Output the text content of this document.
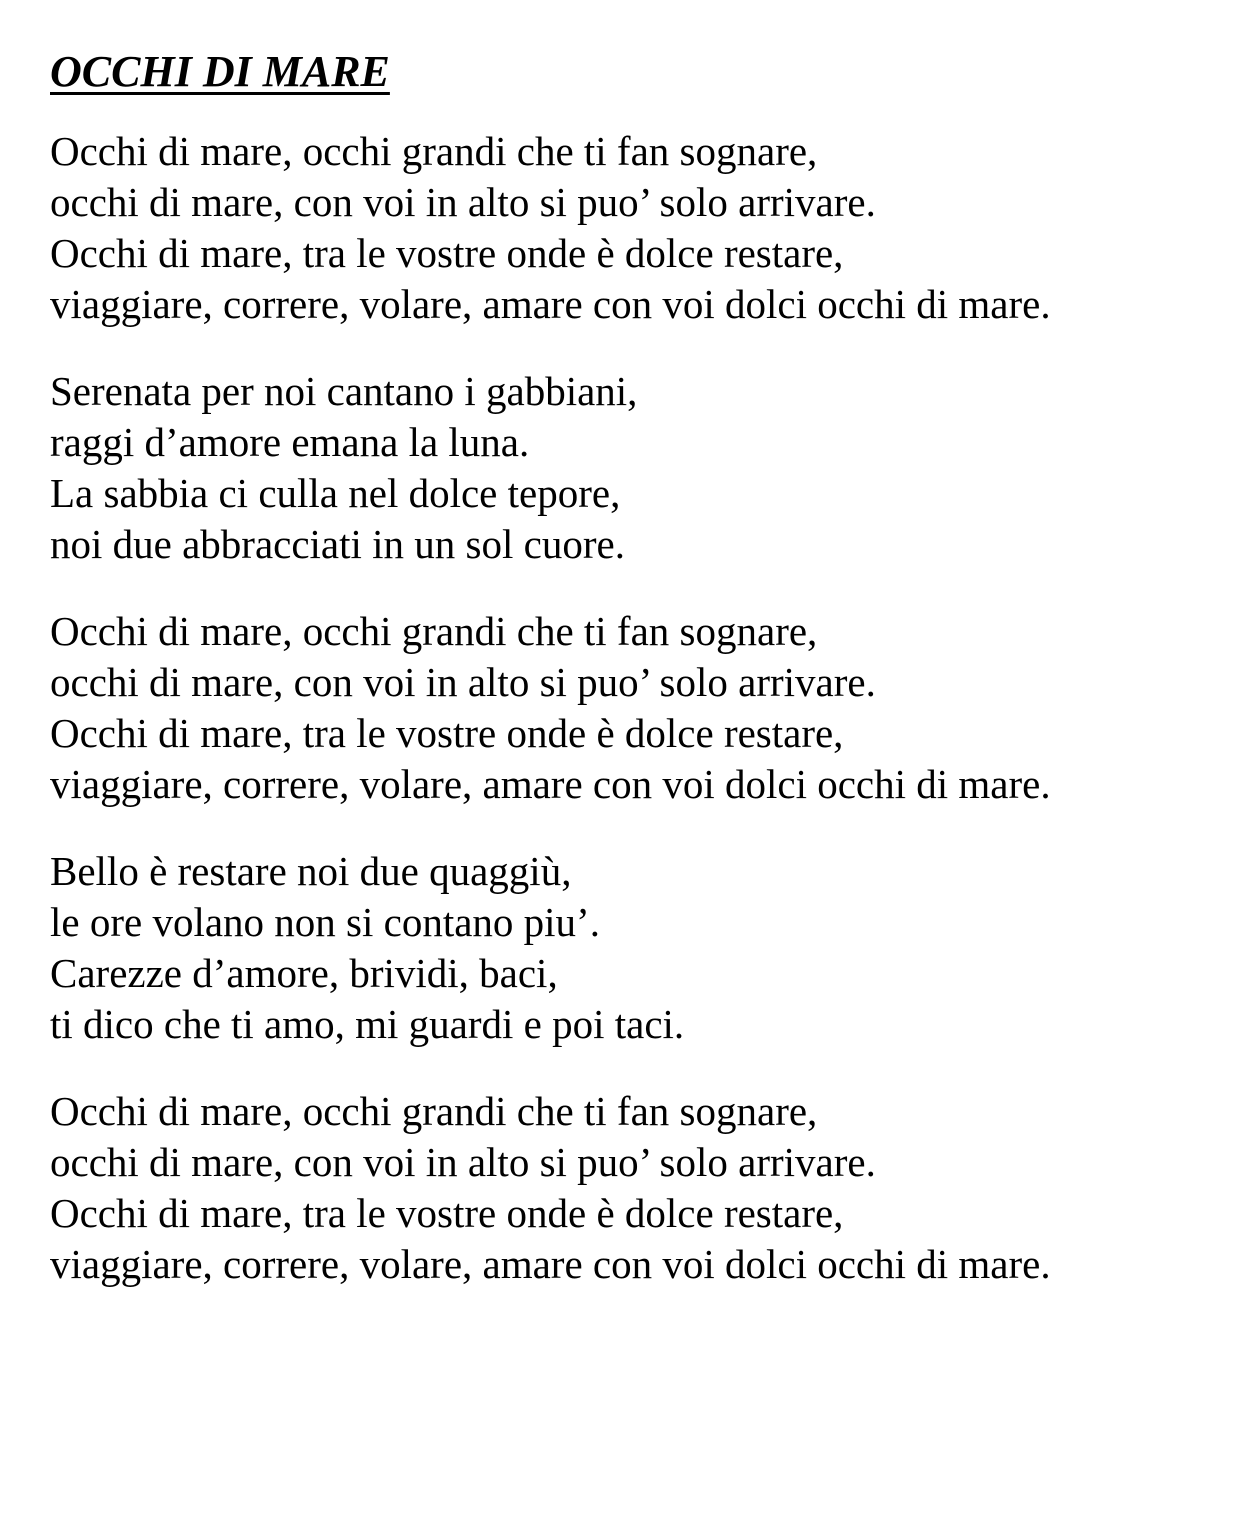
OCCHI DI MARE
Occhi di mare, occhi grandi che ti fan sognare,
occhi di mare, con voi in alto si puo’ solo arrivare.
Occhi di mare, tra le vostre onde è dolce restare,
viaggiare, correre, volare, amare con voi dolci occhi di mare.
Serenata per noi cantano i gabbiani,
raggi d’amore emana la luna.
La sabbia ci culla nel dolce tepore,
noi due abbracciati in un sol cuore.
Occhi di mare, occhi grandi che ti fan sognare,
occhi di mare, con voi in alto si puo’ solo arrivare.
Occhi di mare, tra le vostre onde è dolce restare,
viaggiare, correre, volare, amare con voi dolci occhi di mare.
Bello è restare noi due quaggiù,
le ore volano non si contano piu’.
Carezze d’amore, brividi, baci,
ti dico che ti amo, mi guardi e poi taci.
Occhi di mare, occhi grandi che ti fan sognare,
occhi di mare, con voi in alto si puo’ solo arrivare.
Occhi di mare, tra le vostre onde è dolce restare,
viaggiare, correre, volare, amare con voi dolci occhi di mare.
